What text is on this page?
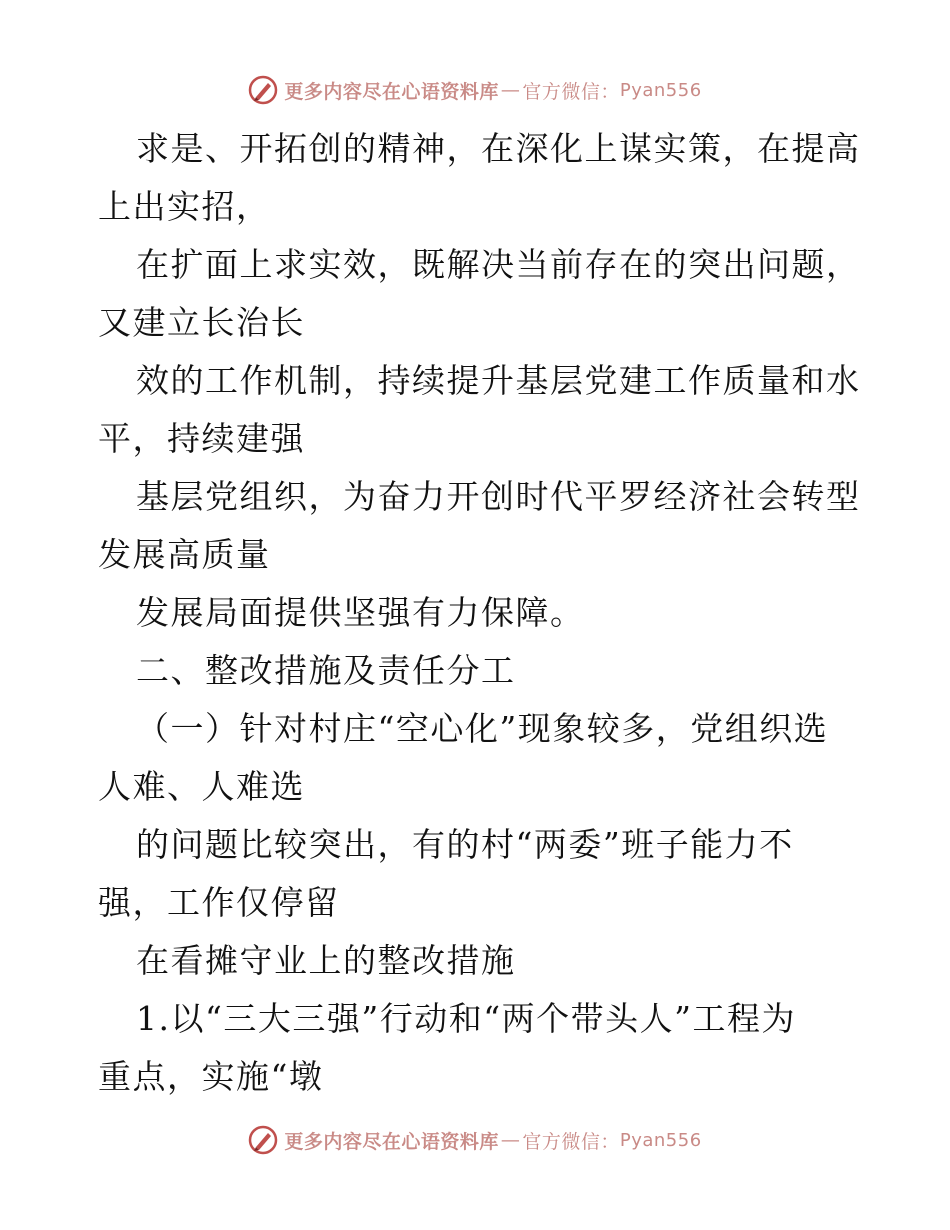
更多内容尽在心语资料库 — 官方微信： Pyan556
求是、开拓创的精神，在深化上谋实策，在提高
上出实招，
在扩面上求实效，既解决当前存在的突出问题，
又建立长治长
效的工作机制，持续提升基层党建工作质量和水
平，持续建强
基层党组织，为奋力开创时代平罗经济社会转型
发展高质量
发展局面提供坚强有力保障。
二、整改措施及责任分工
（一）针对村庄“空心化”现象较多，党组织选
人难、人难选
的问题比较突出，有的村“两委”班子能力不
强，工作仅停留
在看摊守业上的整改措施
1.以“三大三强”行动和“两个带头人”工程为
重点，实施“墩
更多内容尽在心语资料库 — 官方微信： Pyan556
